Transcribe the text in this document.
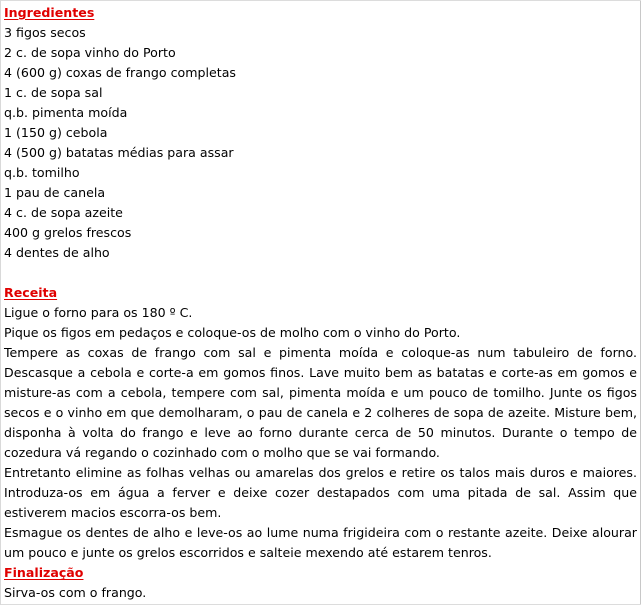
Ingredientes
3 figos secos
2 c. de sopa vinho do Porto
4 (600 g) coxas de frango completas
1 c. de sopa sal
q.b. pimenta moída
1 (150 g) cebola
4 (500 g) batatas médias para assar
q.b. tomilho
1 pau de canela
4 c. de sopa azeite
400 g grelos frescos
4 dentes de alho
Receita
Ligue o forno para os 180 º C.
Pique os figos em pedaços e coloque-os de molho com o vinho do Porto.
Tempere as coxas de frango com sal e pimenta moída e coloque-as num tabuleiro de forno. Descasque a cebola e corte-a em gomos finos. Lave muito bem as batatas e corte-as em gomos e misture-as com a cebola, tempere com sal, pimenta moída e um pouco de tomilho. Junte os figos secos e o vinho em que demolharam, o pau de canela e 2 colheres de sopa de azeite. Misture bem, disponha à volta do frango e leve ao forno durante cerca de 50 minutos. Durante o tempo de cozedura vá regando o cozinhado com o molho que se vai formando.
Entretanto elimine as folhas velhas ou amarelas dos grelos e retire os talos mais duros e maiores. Introduza-os em água a ferver e deixe cozer destapados com uma pitada de sal. Assim que estiverem macios escorra-os bem.
Esmague os dentes de alho e leve-os ao lume numa frigideira com o restante azeite. Deixe alourar um pouco e junte os grelos escorridos e salteie mexendo até estarem tenros.
Finalização
Sirva-os com o frango.
